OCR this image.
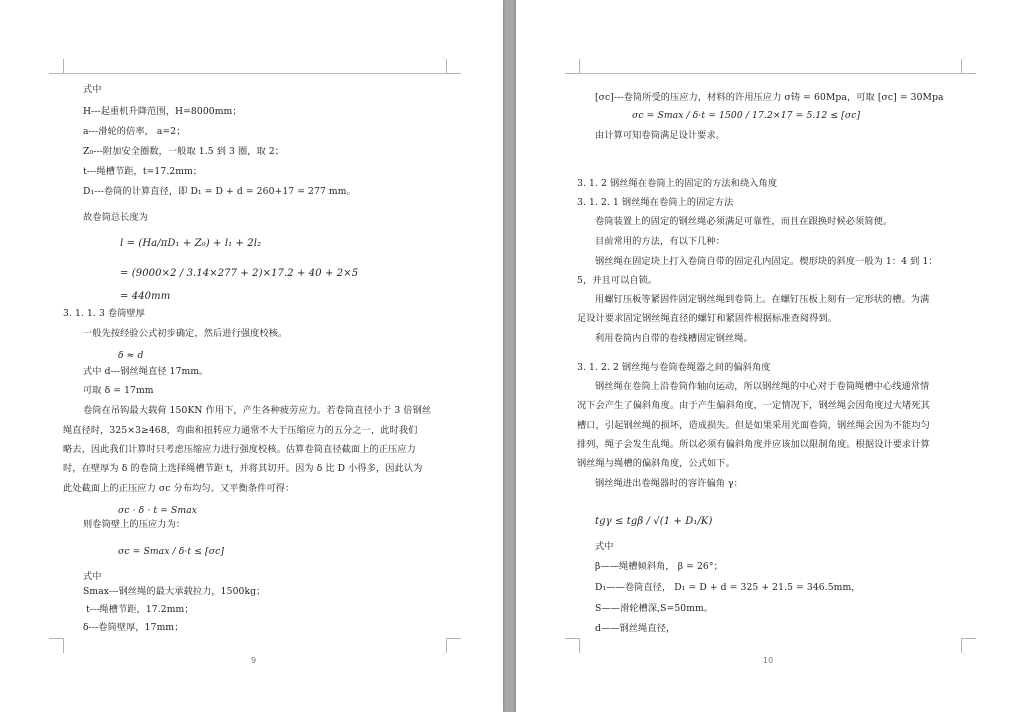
式中
H---起重机升降范围，H=8000mm；
a---滑轮的倍率， a=2；
Z₀---附加安全圈数，一般取 1.5 到 3 圈，取 2；
t---绳槽节距，t=17.2mm；
D₁---卷筒的计算直径，即 D₁ = D + d = 260+17 = 277 mm。
故卷筒总长度为
l = (Ha/πD₁ + Z₀) + l₁ + 2l₂
= (9000×2 / 3.14×277 + 2)×17.2 + 40 + 2×5
= 440mm
3. 1. 1. 3 卷筒壁厚
一般先按经验公式初步确定，然后进行强度校核。
δ ≈ d
式中 d---钢丝绳直径 17mm。
可取 δ = 17mm
卷筒在吊钩最大载荷 150KN 作用下，产生各种疲劳应力。若卷筒直径小于 3 倍钢丝
绳直径时，325×3≥468，弯曲和扭转应力通常不大于压缩应力的五分之一，此时我们
略去，因此我们计算时只考虑压缩应力进行强度校核。估算卷筒直径截面上的正压应力
时，在壁厚为 δ 的卷筒上选择绳槽节距 t，并将其切开。因为 δ 比 D 小得多，因此认为
此处截面上的正压应力 σc 分布均匀。又平衡条件可得：
σc · δ · t = Smax
则卷筒壁上的压应力为：
σc = Smax / δ·t ≤ [σc]
式中
Smax---钢丝绳的最大承载拉力，1500kg；
t---绳槽节距，17.2mm；
δ---卷筒壁厚，17mm；
9
[σc]---卷筒所受的压应力，材料的许用压应力 σ铸 = 60Mpa，可取 [σc] = 30Mpa
σc = Smax / δ·t = 1500 / 17.2×17 = 5.12 ≤ [σc]
由计算可知卷筒满足设计要求。
3. 1. 2 钢丝绳在卷筒上的固定的方法和绕入角度
3. 1. 2. 1 钢丝绳在卷筒上的固定方法
卷筒装置上的固定的钢丝绳必须满足可靠性，而且在跟换时候必须简便。
目前常用的方法，有以下几种：
钢丝绳在固定块上打入卷筒自带的固定孔内固定。楔形块的斜度一般为 1：4 到 1：
5，并且可以自锁。
用螺钉压板等紧固件固定钢丝绳到卷筒上。在螺钉压板上刻有一定形状的槽。为满
足设计要求固定钢丝绳直径的螺钉和紧固件根据标准查阅得到。
利用卷筒内自带的卷线槽固定钢丝绳。
3. 1. 2. 2 钢丝绳与卷筒卷绳器之间的偏斜角度
钢丝绳在卷筒上沿卷筒作轴向运动，所以钢丝绳的中心对于卷筒绳槽中心线通常情
况下会产生了偏斜角度。由于产生偏斜角度，一定情况下，钢丝绳会因角度过大堵死其
槽口，引起钢丝绳的损坏，造成损失。但是如果采用光面卷筒，钢丝绳会因为不能均匀
排列，绳子会发生乱绳。所以必须有偏斜角度并应该加以限制角度。根据设计要求计算
钢丝绳与绳槽的偏斜角度，公式如下。
钢丝绳进出卷绳器时的容许偏角 γ：
tgγ ≤ tgβ / √(1 + D₁/K)
式中
β——绳槽倾斜角， β = 26°；
D₁——卷筒直径， D₁ = D + d = 325 + 21.5 = 346.5mm，
S——滑轮槽深,S=50mm。
d——钢丝绳直径，
10
